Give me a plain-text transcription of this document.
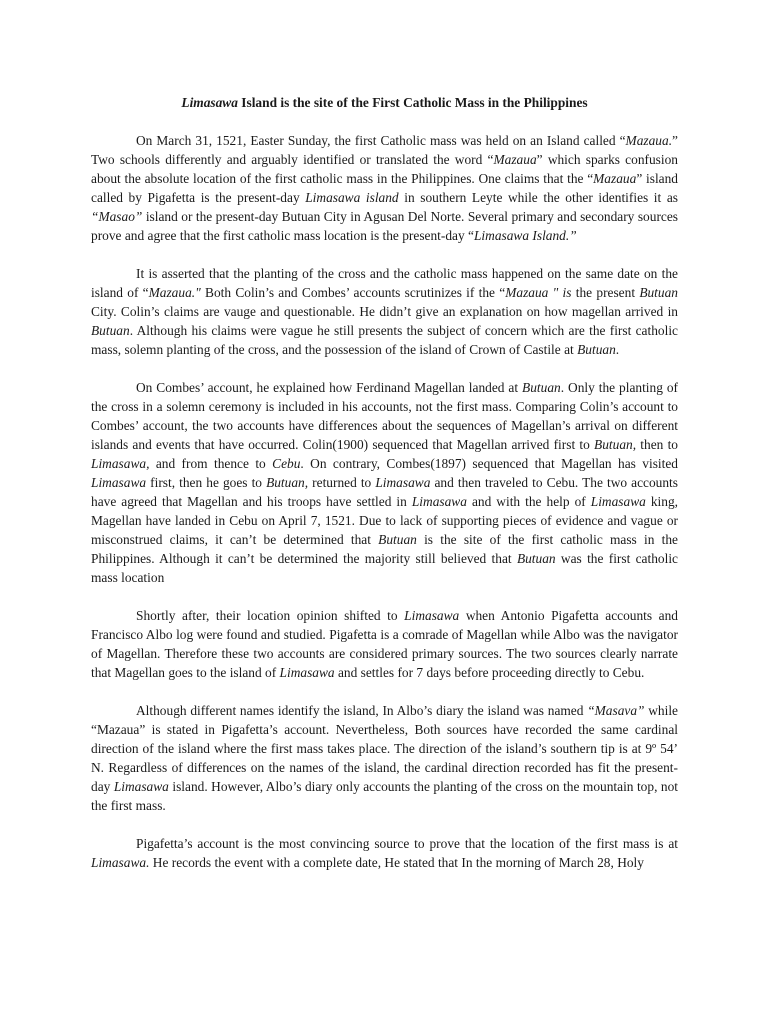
Limasawa Island is the site of the First Catholic Mass in the Philippines

On March 31, 1521, Easter Sunday, the first Catholic mass was held on an Island called “Mazaua.” Two schools differently and arguably identified or translated the word “Mazaua” which sparks confusion about the absolute location of the first catholic mass in the Philippines. One claims that the “Mazaua” island called by Pigafetta is the present-day Limasawa island in southern Leyte while the other identifies it as “Masao” island or the present-day Butuan City in Agusan Del Norte. Several primary and secondary sources prove and agree that the first catholic mass location is the present-day “Limasawa Island.”

It is asserted that the planting of the cross and the catholic mass happened on the same date on the island of “Mazaua." Both Colin’s and Combes’ accounts scrutinizes if the “Mazaua " is the present Butuan City. Colin’s claims are vauge and questionable. He didn’t give an explanation on how magellan arrived in Butuan. Although his claims were vague he still presents the subject of concern which are the first catholic mass, solemn planting of the cross, and the possession of the island of Crown of Castile at Butuan.

On Combes’ account, he explained how Ferdinand Magellan landed at Butuan. Only the planting of the cross in a solemn ceremony is included in his accounts, not the first mass. Comparing Colin’s account to Combes’ account, the two accounts have differences about the sequences of Magellan’s arrival on different islands and events that have occurred. Colin(1900) sequenced that Magellan arrived first to Butuan, then to Limasawa, and from thence to Cebu. On contrary, Combes(1897) sequenced that Magellan has visited Limasawa first, then he goes to Butuan, returned to Limasawa and then traveled to Cebu. The two accounts have agreed that Magellan and his troops have settled in Limasawa and with the help of Limasawa king, Magellan have landed in Cebu on April 7, 1521. Due to lack of supporting pieces of evidence and vague or misconstrued claims, it can’t be determined that Butuan is the site of the first catholic mass in the Philippines. Although it can’t be determined the majority still believed that Butuan was the first catholic mass location

Shortly after, their location opinion shifted to Limasawa when Antonio Pigafetta accounts and Francisco Albo log were found and studied. Pigafetta is a comrade of Magellan while Albo was the navigator of Magellan. Therefore these two accounts are considered primary sources. The two sources clearly narrate that Magellan goes to the island of Limasawa and settles for 7 days before proceeding directly to Cebu.

Although different names identify the island, In Albo’s diary the island was named “Masava” while “Mazaua” is stated in Pigafetta’s account. Nevertheless, Both sources have recorded the same cardinal direction of the island where the first mass takes place. The direction of the island’s southern tip is at 9º 54’ N. Regardless of differences on the names of the island, the cardinal direction recorded has fit the present-day Limasawa island. However, Albo’s diary only accounts the planting of the cross on the mountain top, not the first mass.

Pigafetta’s account is the most convincing source to prove that the location of the first mass is at Limasawa. He records the event with a complete date, He stated that In the morning of March 28, Holy
